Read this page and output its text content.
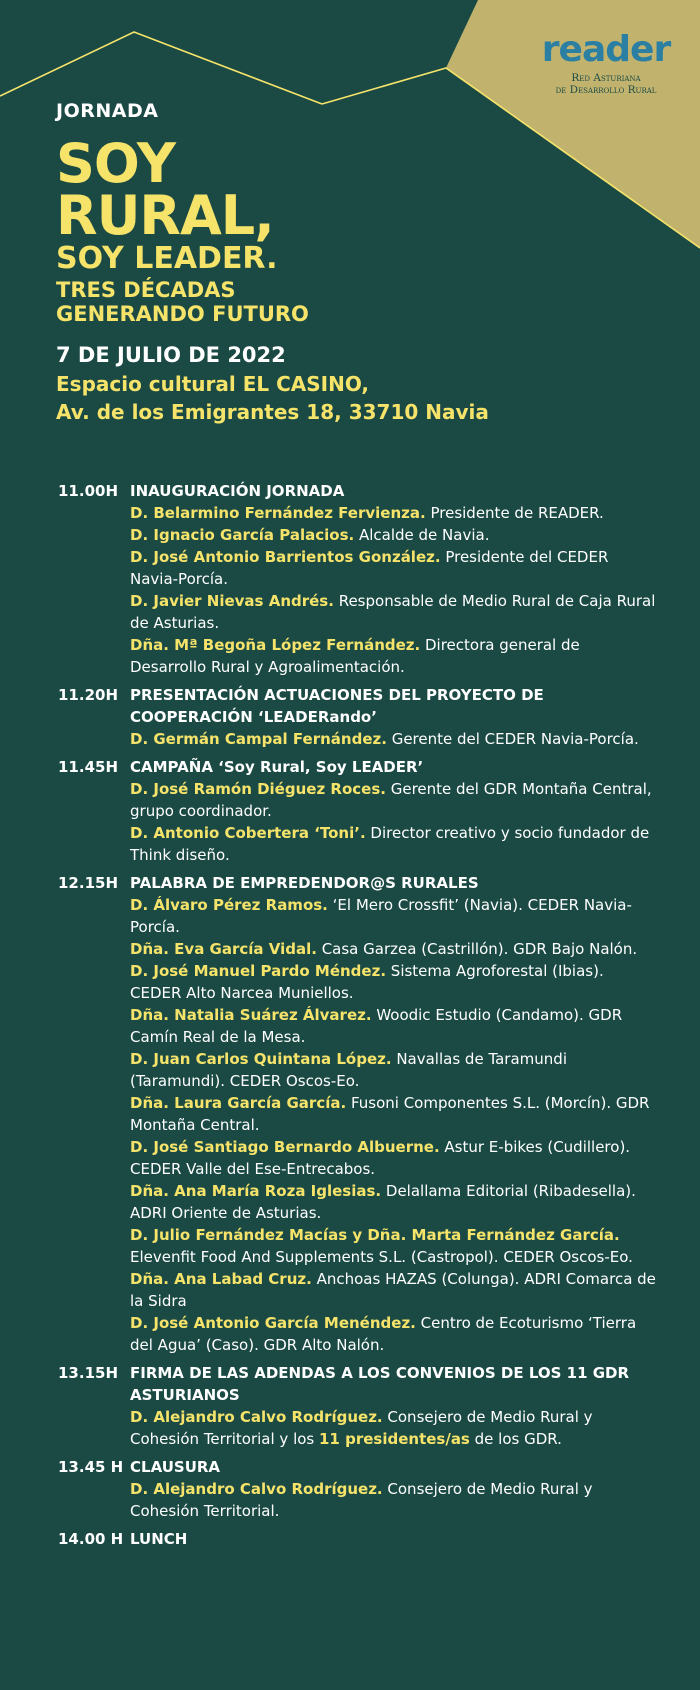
reader
Red Asturiana
de Desarrollo Rural
JORNADA
SOY
RURAL,
SOY LEADER.
TRES DÉCADAS
GENERANDO FUTURO
7 DE JULIO DE 2022
Espacio cultural EL CASINO,
Av. de los Emigrantes 18, 33710 Navia
11.00H INAUGURACIÓN JORNADA
D. Belarmino Fernández Fervienza. Presidente de READER.
D. Ignacio García Palacios. Alcalde de Navia.
D. José Antonio Barrientos González. Presidente del CEDER Navia-Porcía.
D. Javier Nievas Andrés. Responsable de Medio Rural de Caja Rural de Asturias.
Dña. Mª Begoña López Fernández. Directora general de Desarrollo Rural y Agroalimentación.
11.20H PRESENTACIÓN ACTUACIONES DEL PROYECTO DE COOPERACIÓN ‘LEADERando’
D. Germán Campal Fernández. Gerente del CEDER Navia-Porcía.
11.45H CAMPAÑA ‘Soy Rural, Soy LEADER’
D. José Ramón Diéguez Roces. Gerente del GDR Montaña Central, grupo coordinador.
D. Antonio Cobertera ‘Toni’. Director creativo y socio fundador de Think diseño.
12.15H PALABRA DE EMPREDENDOR@S RURALES
D. Álvaro Pérez Ramos. ‘El Mero Crossfit’ (Navia). CEDER Navia-Porcía.
Dña. Eva García Vidal. Casa Garzea (Castrillón). GDR Bajo Nalón.
D. José Manuel Pardo Méndez. Sistema Agroforestal (Ibias). CEDER Alto Narcea Muniellos.
Dña. Natalia Suárez Álvarez. Woodic Estudio (Candamo). GDR Camín Real de la Mesa.
D. Juan Carlos Quintana López. Navallas de Taramundi (Taramundi). CEDER Oscos-Eo.
Dña. Laura García García. Fusoni Componentes S.L. (Morcín). GDR Montaña Central.
D. José Santiago Bernardo Albuerne. Astur E-bikes (Cudillero). CEDER Valle del Ese-Entrecabos.
Dña. Ana María Roza Iglesias. Delallama Editorial (Ribadesella). ADRI Oriente de Asturias.
D. Julio Fernández Macías y Dña. Marta Fernández García. Elevenfit Food And Supplements S.L. (Castropol). CEDER Oscos-Eo.
Dña. Ana Labad Cruz. Anchoas HAZAS (Colunga). ADRI Comarca de la Sidra
D. José Antonio García Menéndez. Centro de Ecoturismo ‘Tierra del Agua’ (Caso). GDR Alto Nalón.
13.15H FIRMA DE LAS ADENDAS A LOS CONVENIOS DE LOS 11 GDR ASTURIANOS
D. Alejandro Calvo Rodríguez. Consejero de Medio Rural y Cohesión Territorial y los 11 presidentes/as de los GDR.
13.45 H CLAUSURA
D. Alejandro Calvo Rodríguez. Consejero de Medio Rural y Cohesión Territorial.
14.00 H LUNCH
